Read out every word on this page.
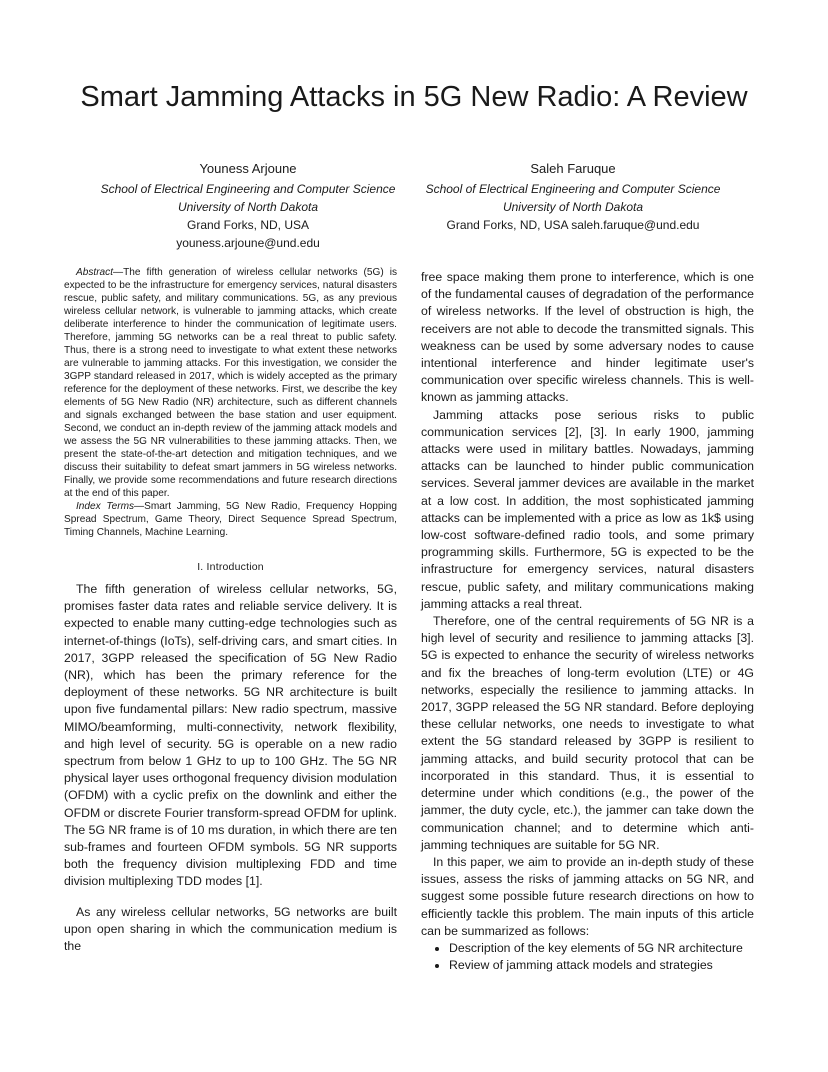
Smart Jamming Attacks in 5G New Radio: A Review
Youness Arjoune
School of Electrical Engineering and Computer Science
University of North Dakota
Grand Forks, ND, USA
youness.arjoune@und.edu
Saleh Faruque
School of Electrical Engineering and Computer Science
University of North Dakota
Grand Forks, ND, USA saleh.faruque@und.edu

Abstract—The fifth generation of wireless cellular networks (5G) is expected to be the infrastructure for emergency services, natural disasters rescue, public safety, and military communications. 5G, as any previous wireless cellular network, is vulnerable to jamming attacks, which create deliberate interference to hinder the communication of legitimate users. Therefore, jamming 5G networks can be a real threat to public safety. Thus, there is a strong need to investigate to what extent these networks are vulnerable to jamming attacks. For this investigation, we consider the 3GPP standard released in 2017, which is widely accepted as the primary reference for the deployment of these networks. First, we describe the key elements of 5G New Radio (NR) architecture, such as different channels and signals exchanged between the base station and user equipment. Second, we conduct an in-depth review of the jamming attack models and we assess the 5G NR vulnerabilities to these jamming attacks. Then, we present the state-of-the-art detection and mitigation techniques, and we discuss their suitability to defeat smart jammers in 5G wireless networks. Finally, we provide some recommendations and future research directions at the end of this paper.

Index Terms—Smart Jamming, 5G New Radio, Frequency Hopping Spread Spectrum, Game Theory, Direct Sequence Spread Spectrum, Timing Channels, Machine Learning.

I. Introduction

The fifth generation of wireless cellular networks, 5G, promises faster data rates and reliable service delivery. It is expected to enable many cutting-edge technologies such as internet-of-things (IoTs), self-driving cars, and smart cities. In 2017, 3GPP released the specification of 5G New Radio (NR), which has been the primary reference for the deployment of these networks. 5G NR architecture is built upon five fundamental pillars: New radio spectrum, massive MIMO/beamforming, multi-connectivity, network flexibility, and high level of security. 5G is operable on a new radio spectrum from below 1 GHz to up to 100 GHz. The 5G NR physical layer uses orthogonal frequency division modulation (OFDM) with a cyclic prefix on the downlink and either the OFDM or discrete Fourier transform-spread OFDM for uplink. The 5G NR frame is of 10 ms duration, in which there are ten sub-frames and fourteen OFDM symbols. 5G NR supports both the frequency division multiplexing FDD and time division multiplexing TDD modes [1].

As any wireless cellular networks, 5G networks are built upon open sharing in which the communication medium is the

free space making them prone to interference, which is one of the fundamental causes of degradation of the performance of wireless networks. If the level of obstruction is high, the receivers are not able to decode the transmitted signals. This weakness can be used by some adversary nodes to cause intentional interference and hinder legitimate user's communication over specific wireless channels. This is well-known as jamming attacks.

Jamming attacks pose serious risks to public communication services [2], [3]. In early 1900, jamming attacks were used in military battles. Nowadays, jamming attacks can be launched to hinder public communication services. Several jammer devices are available in the market at a low cost. In addition, the most sophisticated jamming attacks can be implemented with a price as low as 1k$ using low-cost software-defined radio tools, and some primary programming skills. Furthermore, 5G is expected to be the infrastructure for emergency services, natural disasters rescue, public safety, and military communications making jamming attacks a real threat.

Therefore, one of the central requirements of 5G NR is a high level of security and resilience to jamming attacks [3]. 5G is expected to enhance the security of wireless networks and fix the breaches of long-term evolution (LTE) or 4G networks, especially the resilience to jamming attacks. In 2017, 3GPP released the 5G NR standard. Before deploying these cellular networks, one needs to investigate to what extent the 5G standard released by 3GPP is resilient to jamming attacks, and build security protocol that can be incorporated in this standard. Thus, it is essential to determine under which conditions (e.g., the power of the jammer, the duty cycle, etc.), the jammer can take down the communication channel; and to determine which anti-jamming techniques are suitable for 5G NR.

In this paper, we aim to provide an in-depth study of these issues, assess the risks of jamming attacks on 5G NR, and suggest some possible future research directions on how to efficiently tackle this problem. The main inputs of this article can be summarized as follows:

• Description of the key elements of 5G NR architecture
• Review of jamming attack models and strategies
